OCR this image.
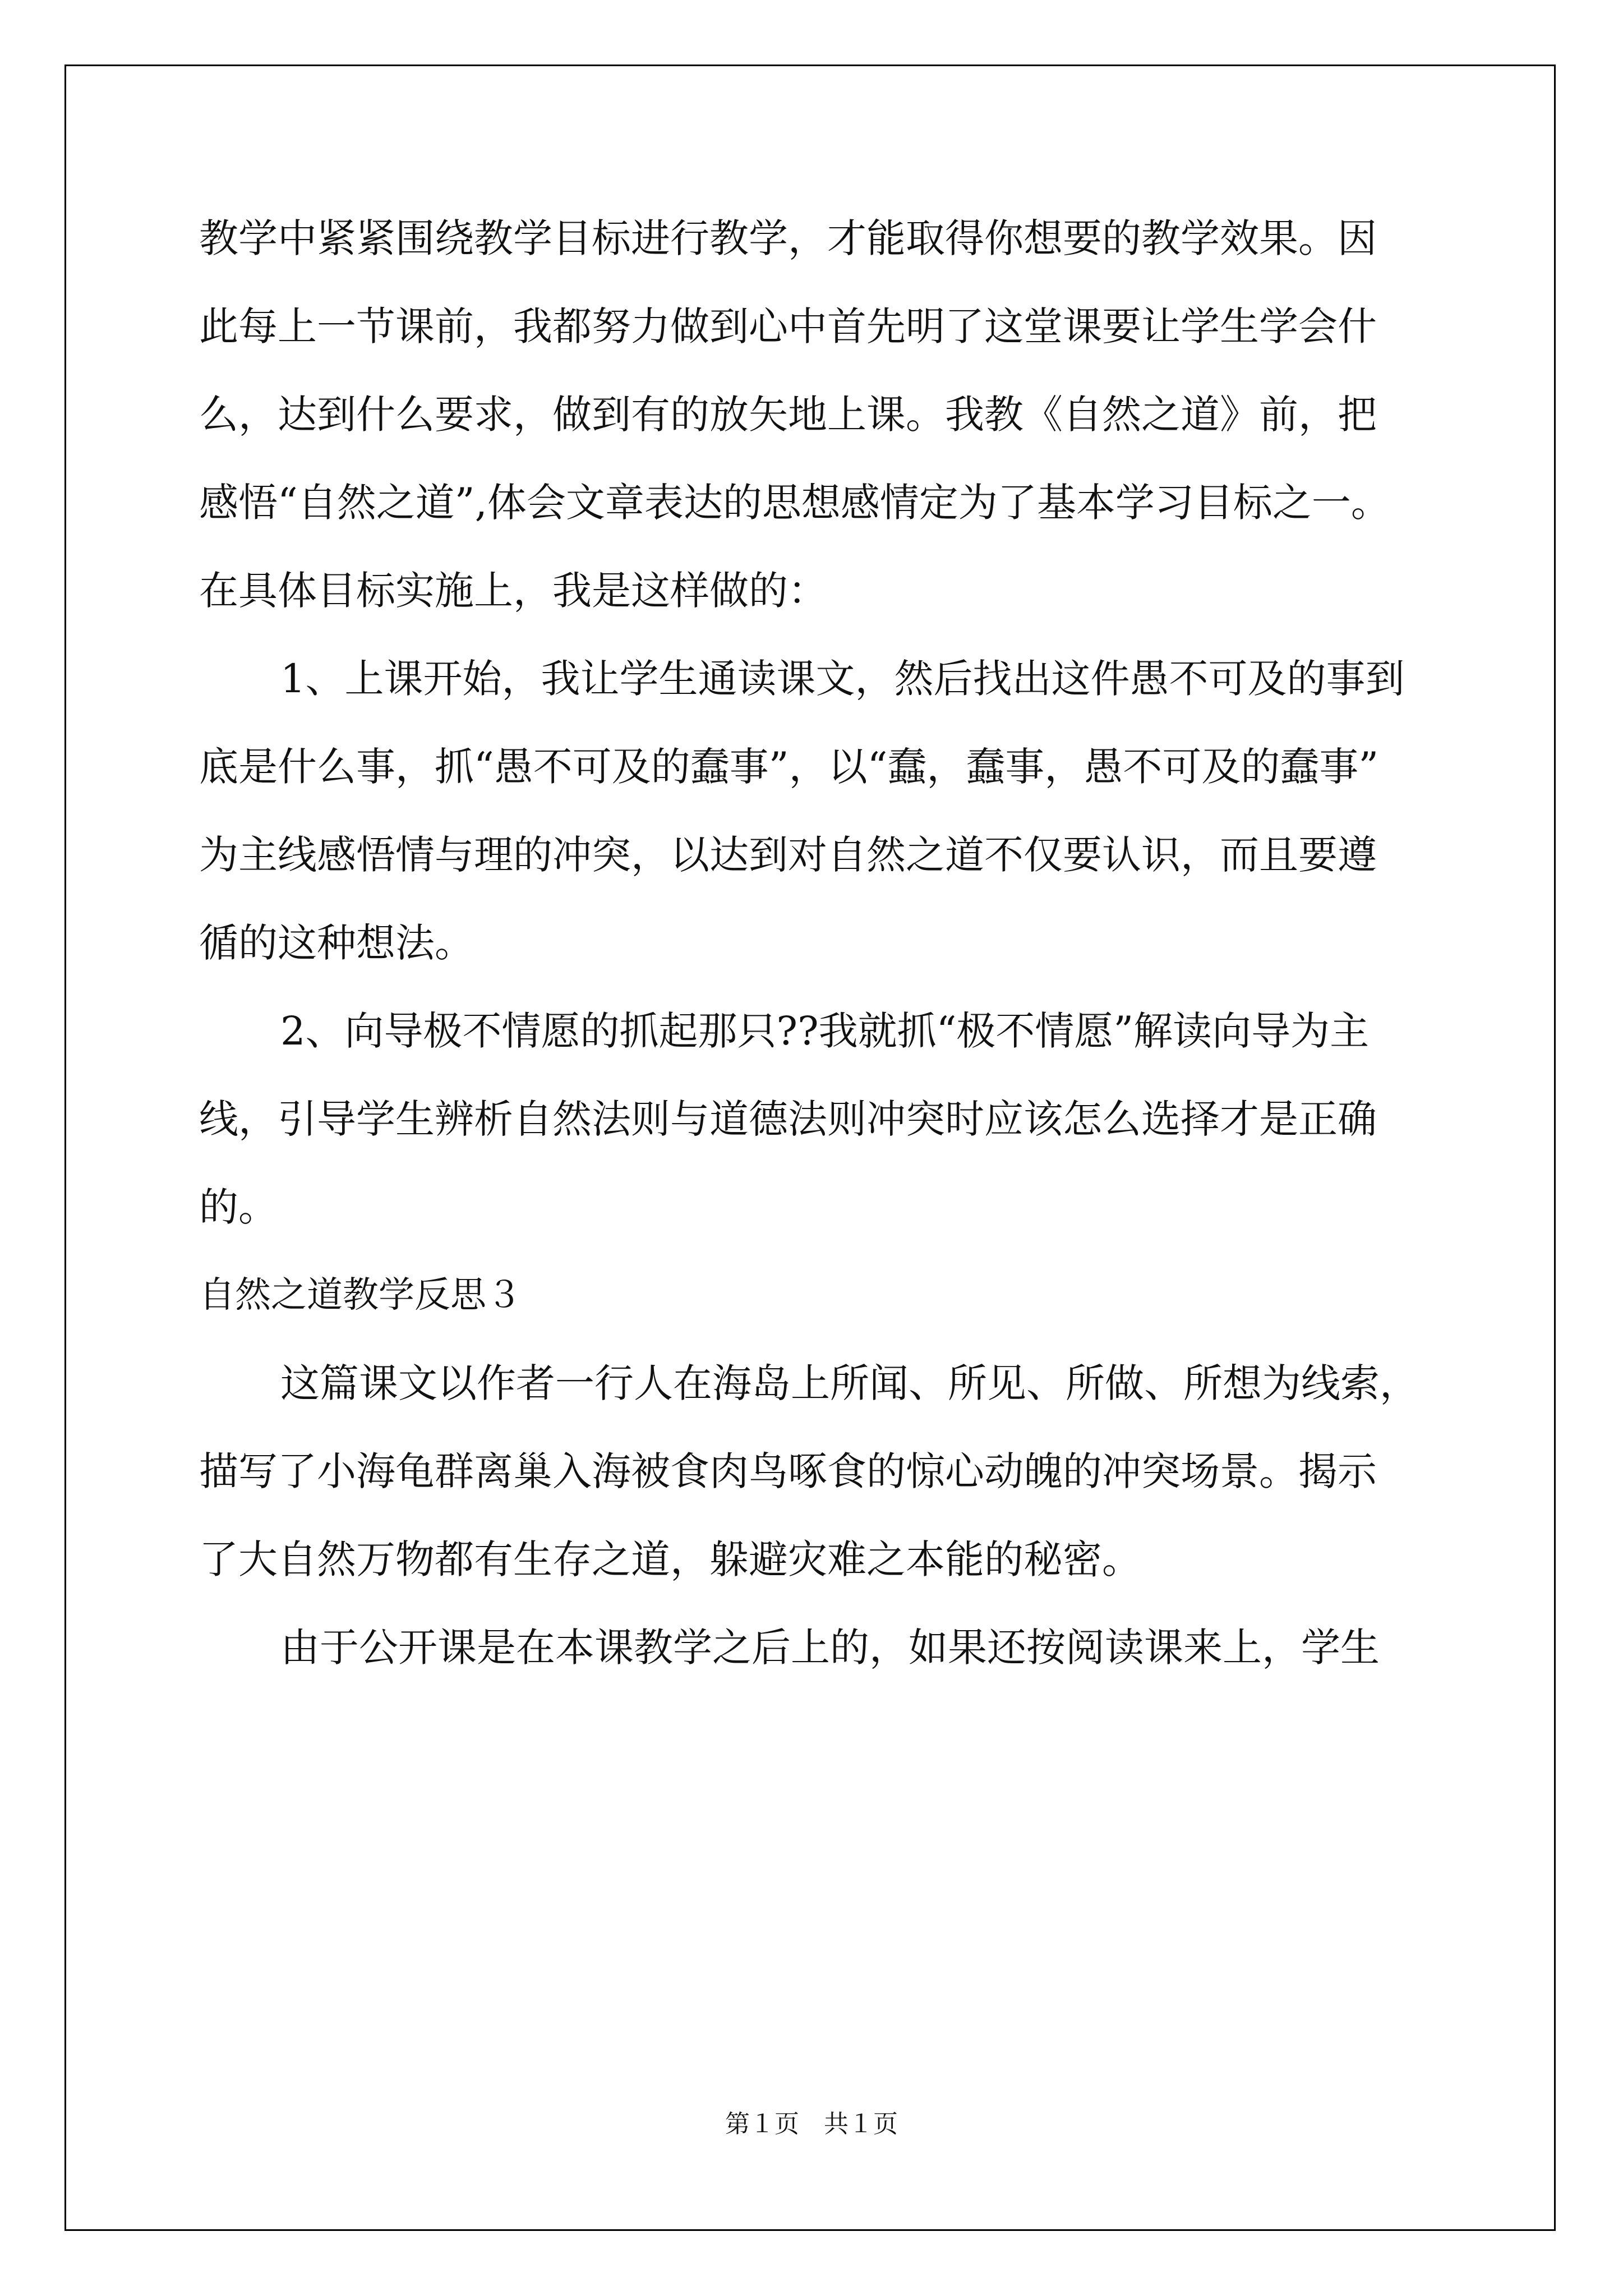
教学中紧紧围绕教学目标进行教学，才能取得你想要的教学效果。因
此每上一节课前，我都努力做到心中首先明了这堂课要让学生学会什
么，达到什么要求，做到有的放矢地上课。我教《自然之道》前，把
感悟“自然之道”,体会文章表达的思想感情定为了基本学习目标之一。
在具体目标实施上，我是这样做的：
1、上课开始，我让学生通读课文，然后找出这件愚不可及的事到
底是什么事，抓“愚不可及的蠢事”，以“蠢，蠢事，愚不可及的蠢事”
为主线感悟情与理的冲突，以达到对自然之道不仅要认识，而且要遵
循的这种想法。
2、向导极不情愿的抓起那只??我就抓“极不情愿”解读向导为主
线，引导学生辨析自然法则与道德法则冲突时应该怎么选择才是正确
的。
自然之道教学反思３
这篇课文以作者一行人在海岛上所闻、所见、所做、所想为线索，
描写了小海龟群离巢入海被食肉鸟啄食的惊心动魄的冲突场景。揭示
了大自然万物都有生存之道，躲避灾难之本能的秘密。
由于公开课是在本课教学之后上的，如果还按阅读课来上，学生
第１页　共１页
